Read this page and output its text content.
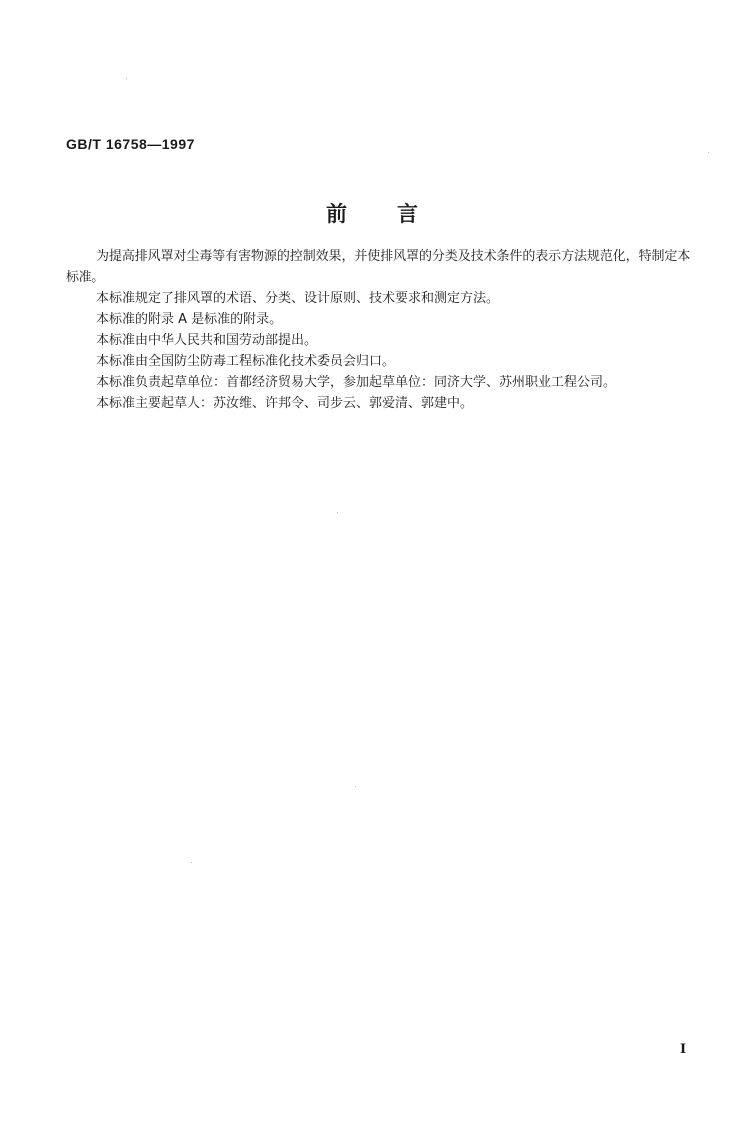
GB/T 16758—1997
前言

为提高排风罩对尘毒等有害物源的控制效果，并使排风罩的分类及技术条件的表示方法规范化，特制定本标准。

本标准规定了排风罩的术语、分类、设计原则、技术要求和测定方法。

本标准的附录 A 是标准的附录。

本标准由中华人民共和国劳动部提出。

本标准由全国防尘防毒工程标准化技术委员会归口。

本标准负责起草单位：首都经济贸易大学，参加起草单位：同济大学、苏州职业工程公司。

本标准主要起草人：苏汝维、许邦令、司步云、郭爱清、郭建中。

I
